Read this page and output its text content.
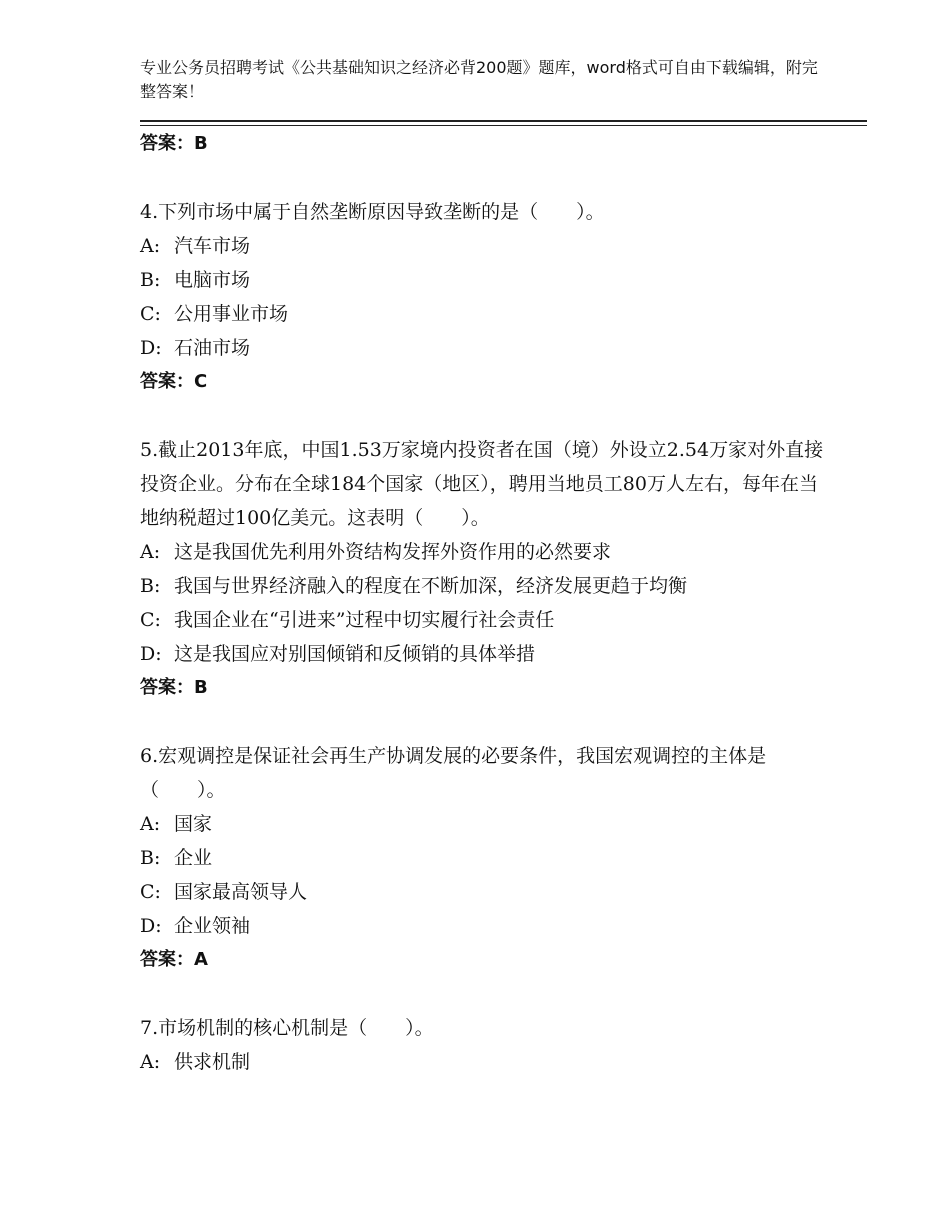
专业公务员招聘考试《公共基础知识之经济必背200题》题库，word格式可自由下载编辑，附完整答案！

答案：B

4.下列市场中属于自然垄断原因导致垄断的是（　　）。

A: 汽车市场

B: 电脑市场

C: 公用事业市场

D: 石油市场

答案：C

5.截止2013年底，中国1.53万家境内投资者在国（境）外设立2.54万家对外直接投资企业。分布在全球184个国家（地区），聘用当地员工80万人左右，每年在当地纳税超过100亿美元。这表明（　　）。

A: 这是我国优先利用外资结构发挥外资作用的必然要求

B: 我国与世界经济融入的程度在不断加深，经济发展更趋于均衡

C: 我国企业在“引进来”过程中切实履行社会责任

D: 这是我国应对别国倾销和反倾销的具体举措

答案：B

6.宏观调控是保证社会再生产协调发展的必要条件，我国宏观调控的主体是（　　）。

A: 国家

B: 企业

C: 国家最高领导人

D: 企业领袖

答案：A

7.市场机制的核心机制是（　　）。

A: 供求机制
